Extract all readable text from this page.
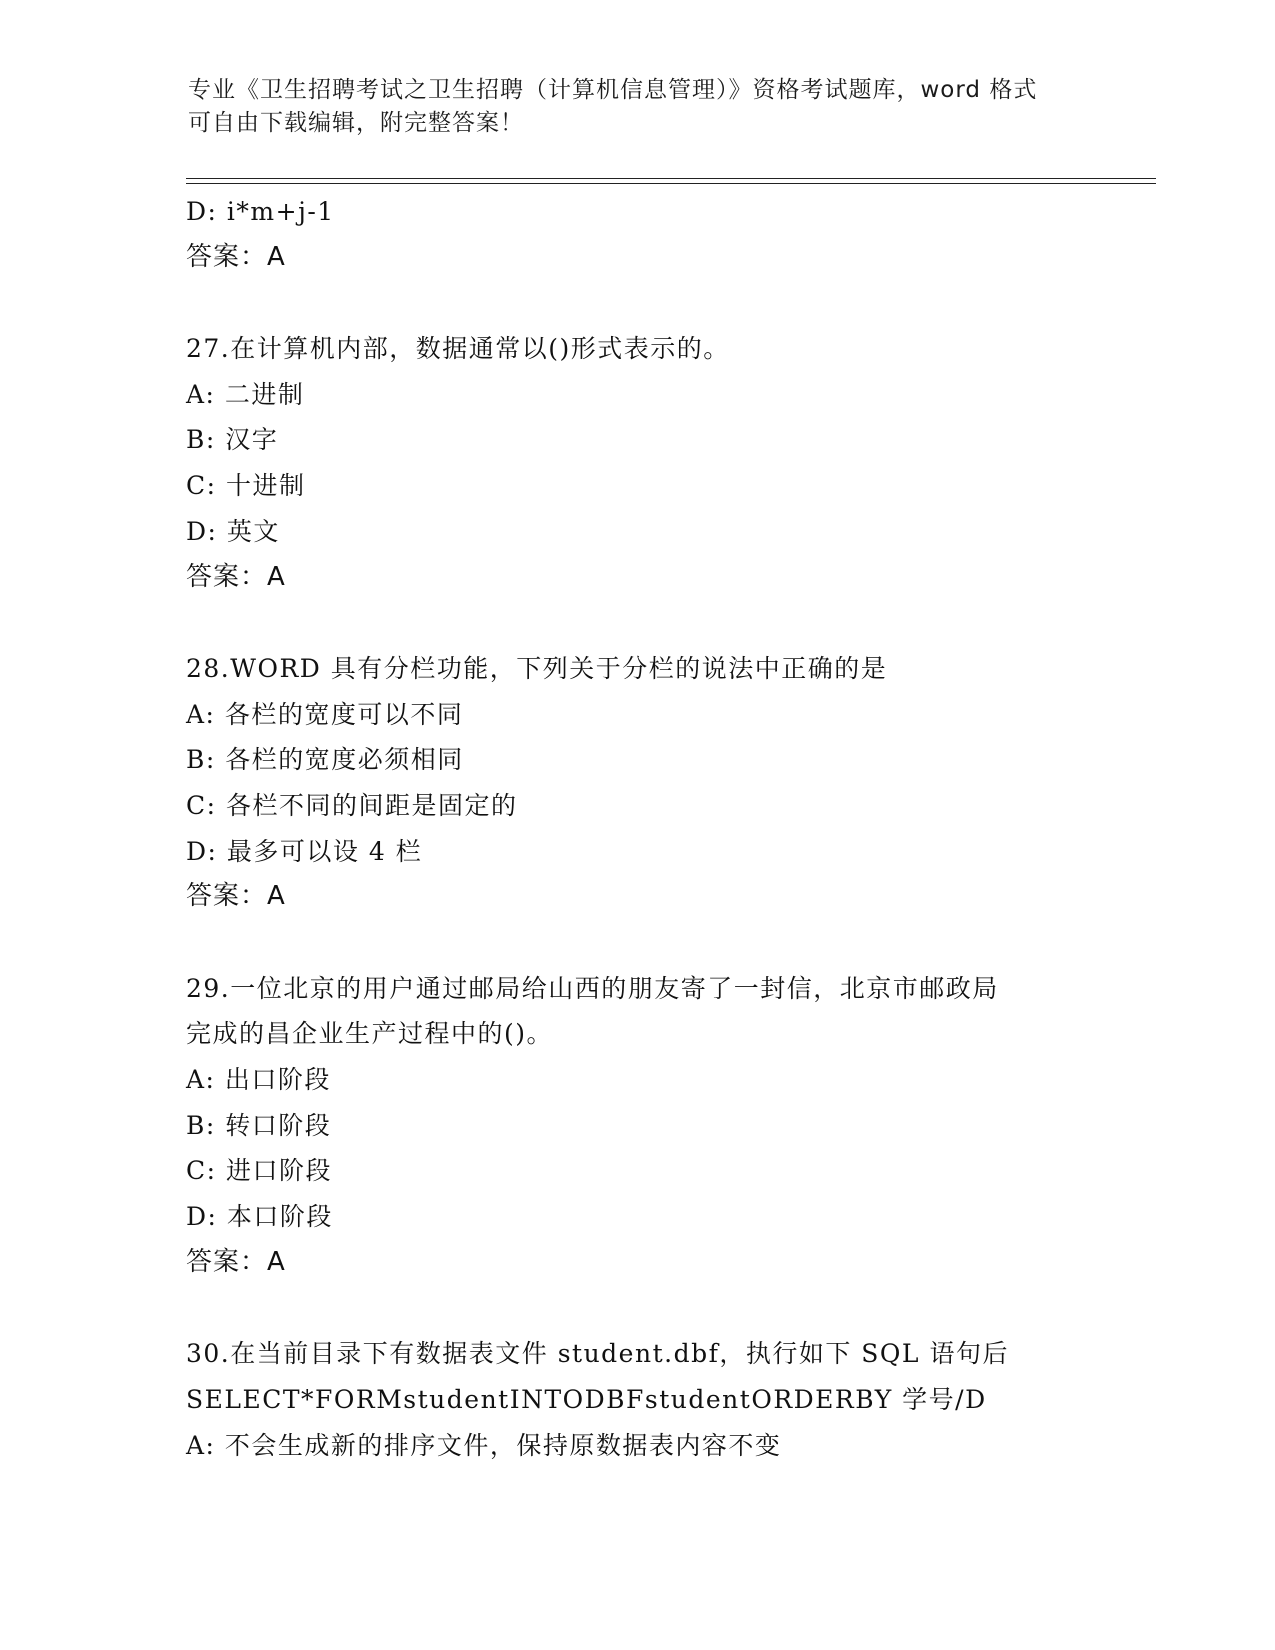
专业《卫生招聘考试之卫生招聘（计算机信息管理）》资格考试题库，word 格式
可自由下载编辑，附完整答案！
D: i*m+j-1
答案：A
27.在计算机内部，数据通常以()形式表示的。
A: 二进制
B: 汉字
C: 十进制
D: 英文
答案：A
28.WORD 具有分栏功能，下列关于分栏的说法中正确的是
A: 各栏的宽度可以不同
B: 各栏的宽度必须相同
C: 各栏不同的间距是固定的
D: 最多可以设 4 栏
答案：A
29.一位北京的用户通过邮局给山西的朋友寄了一封信，北京市邮政局
完成的昌企业生产过程中的()。
A: 出口阶段
B: 转口阶段
C: 进口阶段
D: 本口阶段
答案：A
30.在当前目录下有数据表文件 student.dbf，执行如下 SQL 语句后
SELECT*FORMstudentINTODBFstudentORDERBY 学号/D
A: 不会生成新的排序文件，保持原数据表内容不变
